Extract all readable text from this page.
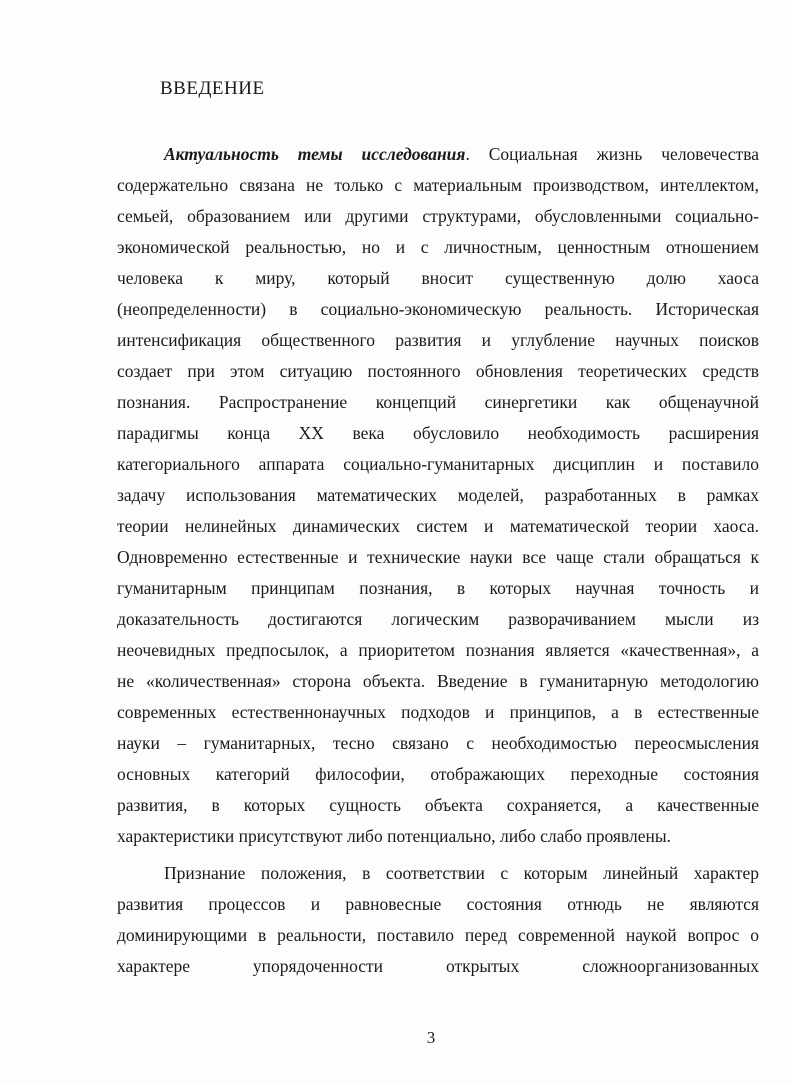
ВВЕДЕНИЕ
Актуальность темы исследования. Социальная жизнь человечества
содержательно связана не только с материальным производством, интеллектом,
семьей, образованием или другими структурами, обусловленными социально-
экономической реальностью, но и с личностным, ценностным отношением
человека к миру, который вносит существенную долю хаоса
(неопределенности) в социально-экономическую реальность. Историческая
интенсификация общественного развития и углубление научных поисков
создает при этом ситуацию постоянного обновления теоретических средств
познания. Распространение концепций синергетики как общенаучной
парадигмы конца XX века обусловило необходимость расширения
категориального аппарата социально-гуманитарных дисциплин и поставило
задачу использования математических моделей, разработанных в рамках
теории нелинейных динамических систем и математической теории хаоса.
Одновременно естественные и технические науки все чаще стали обращаться к
гуманитарным принципам познания, в которых научная точность и
доказательность достигаются логическим разворачиванием мысли из
неочевидных предпосылок, а приоритетом познания является «качественная», а
не «количественная» сторона объекта. Введение в гуманитарную методологию
современных естественнонаучных подходов и принципов, а в естественные
науки – гуманитарных, тесно связано с необходимостью переосмысления
основных категорий философии, отображающих переходные состояния
развития, в которых сущность объекта сохраняется, а качественные
характеристики присутствуют либо потенциально, либо слабо проявлены.
Признание положения, в соответствии с которым линейный характер
развития процессов и равновесные состояния отнюдь не являются
доминирующими в реальности, поставило перед современной наукой вопрос о
характере упорядоченности открытых сложноорганизованных
3
